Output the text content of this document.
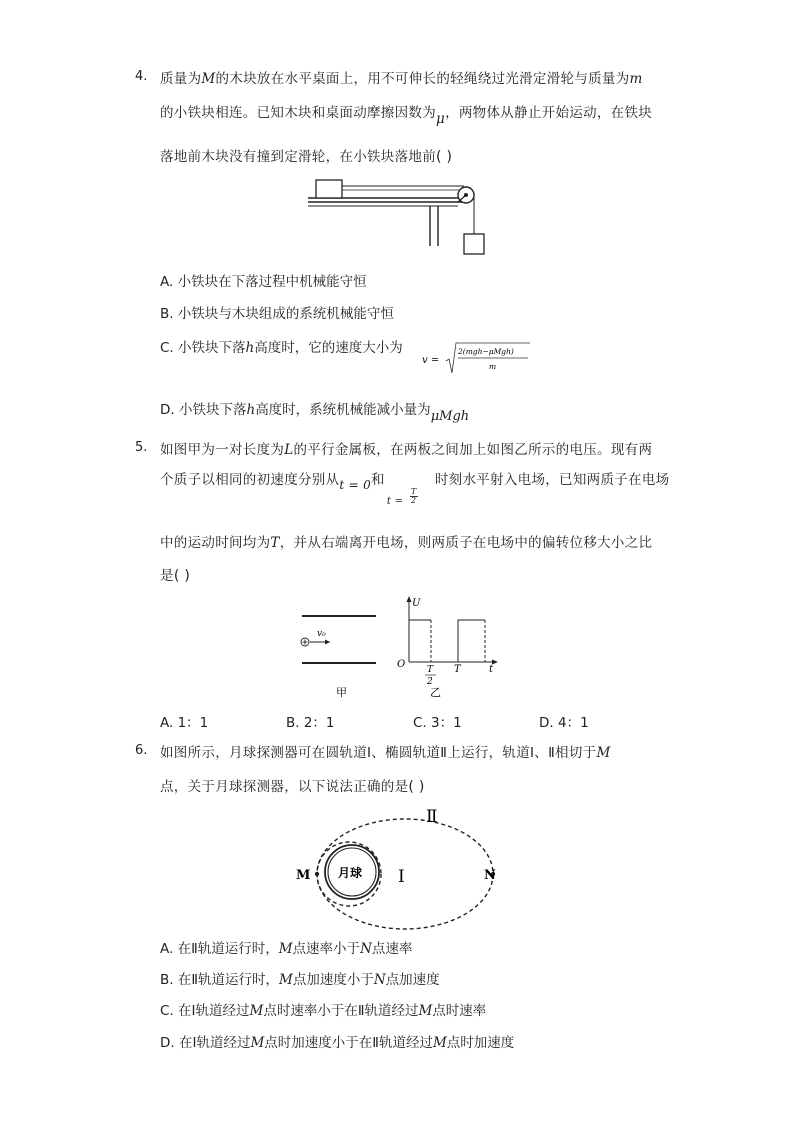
4. 质量为M的木块放在水平桌面上，用不可伸长的轻绳绕过光滑定滑轮与质量为m
的小铁块相连。已知木块和桌面动摩擦因数为μ，两物体从静止开始运动，在铁块
落地前木块没有撞到定滑轮，在小铁块落地前( )
A. 小铁块在下落过程中机械能守恒
B. 小铁块与木块组成的系统机械能守恒
C. 小铁块下落h高度时，它的速度大小为
v =
2(mgh−μMgh)
m
D. 小铁块下落h高度时，系统机械能减小量为μMgh
5. 如图甲为一对长度为L的平行金属板，在两板之间加上如图乙所示的电压。现有两
个质子以相同的初速度分别从t = 0和
$t = \frac{T}{2}$
时刻水平射入电场，已知两质子在电场
中的运动时间均为T，并从右端离开电场，则两质子在电场中的偏转位移大小之比
是( )
v₀
甲
U
O T
2
T	t
乙
A. 1：1	B. 2：1	C. 3：1	D. 4：1
6. 如图所示，月球探测器可在圆轨道Ⅰ、椭圆轨道Ⅱ上运行，轨道Ⅰ、Ⅱ相切于M
点，关于月球探测器，以下说法正确的是( )
月球
M	N
Ⅰ
Ⅱ
A. 在Ⅱ轨道运行时，M点速率小于N点速率
B. 在Ⅱ轨道运行时，M点加速度小于N点加速度
C. 在Ⅰ轨道经过M点时速率小于在Ⅱ轨道经过M点时速率
D. 在Ⅰ轨道经过M点时加速度小于在Ⅱ轨道经过M点时加速度
